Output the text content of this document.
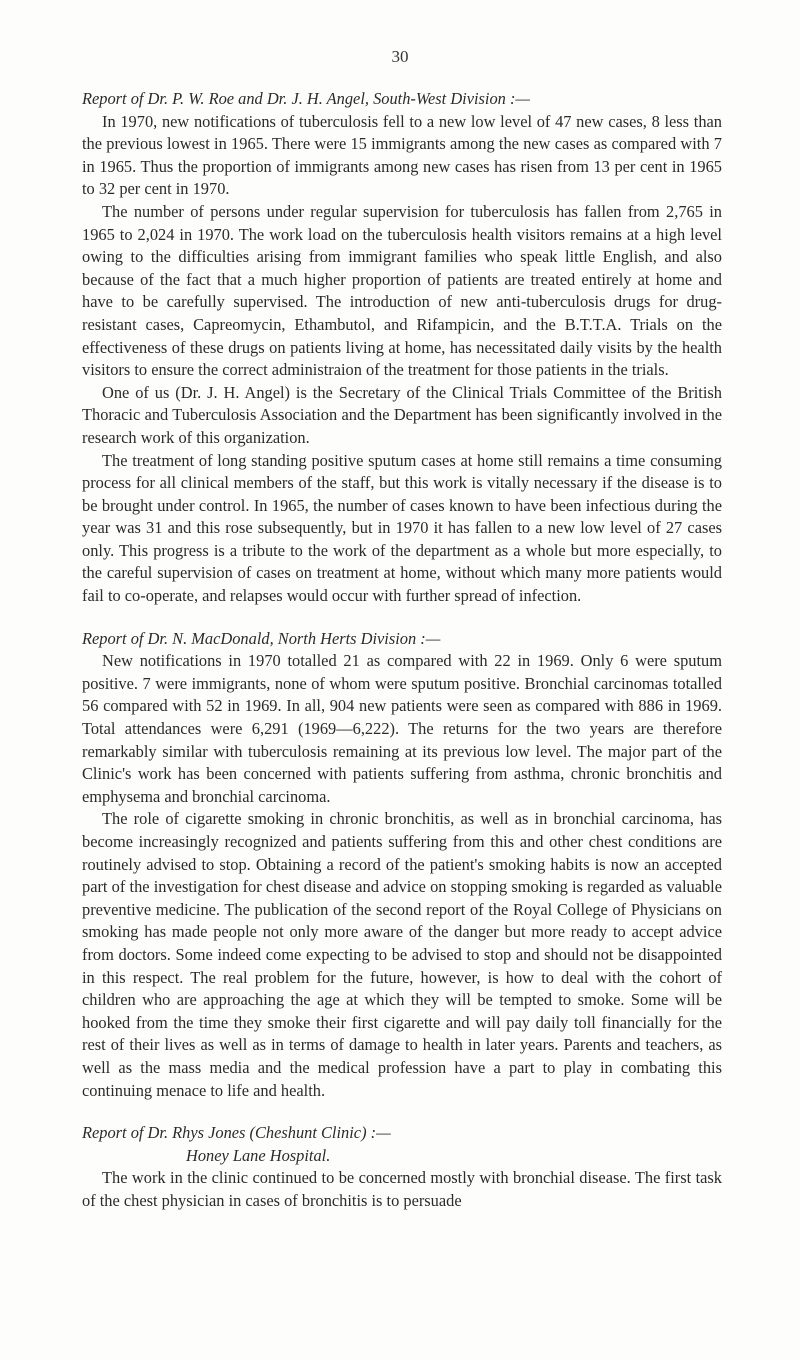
30

Report of Dr. P. W. Roe and Dr. J. H. Angel, South-West Division :—

In 1970, new notifications of tuberculosis fell to a new low level of 47 new cases, 8 less than the previous lowest in 1965. There were 15 immigrants among the new cases as compared with 7 in 1965. Thus the proportion of immigrants among new cases has risen from 13 per cent in 1965 to 32 per cent in 1970.

The number of persons under regular supervision for tuberculosis has fallen from 2,765 in 1965 to 2,024 in 1970. The work load on the tuberculosis health visitors remains at a high level owing to the difficulties arising from immigrant families who speak little English, and also because of the fact that a much higher proportion of patients are treated entirely at home and have to be carefully supervised. The introduction of new anti-tuberculosis drugs for drug-resistant cases, Capreomycin, Ethambutol, and Rifampicin, and the B.T.T.A. Trials on the effectiveness of these drugs on patients living at home, has necessitated daily visits by the health visitors to ensure the correct administraion of the treatment for those patients in the trials.

One of us (Dr. J. H. Angel) is the Secretary of the Clinical Trials Committee of the British Thoracic and Tuberculosis Association and the Department has been significantly involved in the research work of this organization.

The treatment of long standing positive sputum cases at home still remains a time consuming process for all clinical members of the staff, but this work is vitally necessary if the disease is to be brought under control. In 1965, the number of cases known to have been infectious during the year was 31 and this rose subsequently, but in 1970 it has fallen to a new low level of 27 cases only. This progress is a tribute to the work of the department as a whole but more especially, to the careful supervision of cases on treatment at home, without which many more patients would fail to co-operate, and relapses would occur with further spread of infection.

Report of Dr. N. MacDonald, North Herts Division :—

New notifications in 1970 totalled 21 as compared with 22 in 1969. Only 6 were sputum positive. 7 were immigrants, none of whom were sputum positive. Bronchial carcinomas totalled 56 compared with 52 in 1969. In all, 904 new patients were seen as compared with 886 in 1969. Total attendances were 6,291 (1969—6,222). The returns for the two years are therefore remarkably similar with tuberculosis remaining at its previous low level. The major part of the Clinic's work has been concerned with patients suffering from asthma, chronic bronchitis and emphysema and bronchial carcinoma.

The role of cigarette smoking in chronic bronchitis, as well as in bronchial carcinoma, has become increasingly recognized and patients suffering from this and other chest conditions are routinely advised to stop. Obtaining a record of the patient's smoking habits is now an accepted part of the investigation for chest disease and advice on stopping smoking is regarded as valuable preventive medicine. The publication of the second report of the Royal College of Physicians on smoking has made people not only more aware of the danger but more ready to accept advice from doctors. Some indeed come expecting to be advised to stop and should not be disappointed in this respect. The real problem for the future, however, is how to deal with the cohort of children who are approaching the age at which they will be tempted to smoke. Some will be hooked from the time they smoke their first cigarette and will pay daily toll financially for the rest of their lives as well as in terms of damage to health in later years. Parents and teachers, as well as the mass media and the medical profession have a part to play in combating this continuing menace to life and health.

Report of Dr. Rhys Jones (Cheshunt Clinic) :—

Honey Lane Hospital.

The work in the clinic continued to be concerned mostly with bronchial disease. The first task of the chest physician in cases of bronchitis is to persuade
